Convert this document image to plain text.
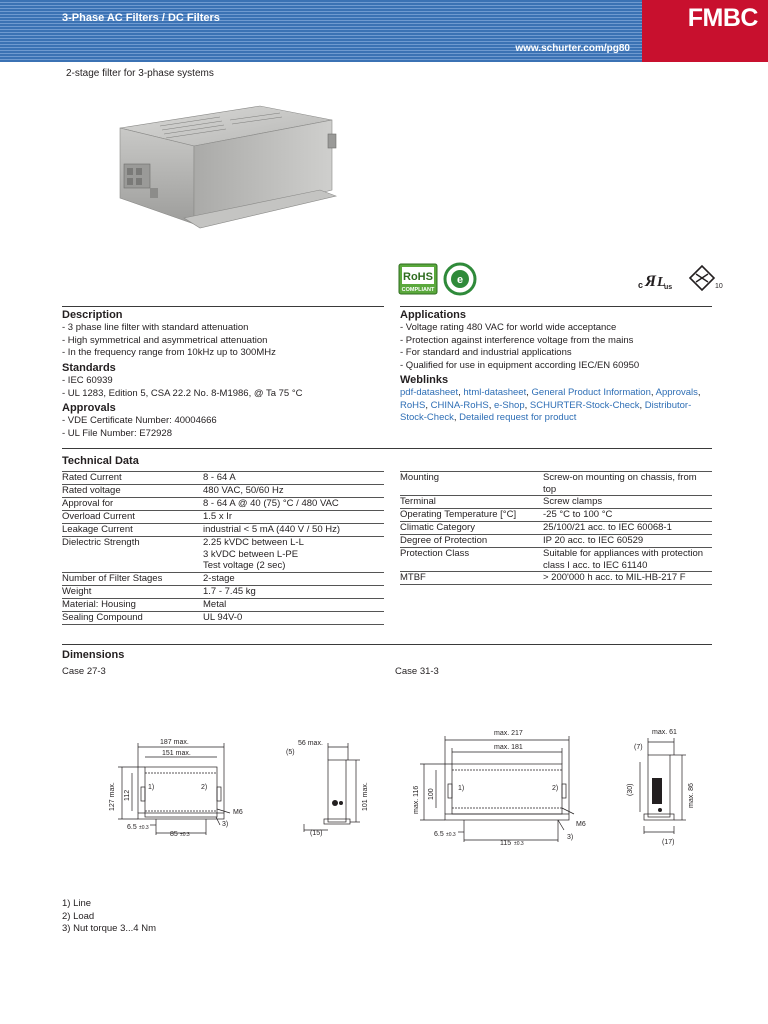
3-Phase AC Filters / DC Filters
www.schurter.com/pg80
FMBC
2-stage filter for 3-phase systems
RoHS
COMPLIANT
e	c Я L
us	10
Description
- 3 phase line filter with standard attenuation
- High symmetrical and asymmetrical attenuation
- In the frequency range from 10kHz up to 300MHz
Standards
- IEC 60939
- UL 1283, Edition 5, CSA 22.2 No. 8-M1986, @ Ta 75 °C
Approvals
- VDE Certificate Number: 40004666
- UL File Number: E72928
Applications
- Voltage rating 480 VAC for world wide acceptance
- Protection against interference voltage from the mains
- For standard and industrial applications
- Qualified for use in equipment according IEC/EN 60950
Weblinks
pdf-datasheet, html-datasheet, General Product Information, Approvals,
RoHS, CHINA-RoHS, e-Shop, SCHURTER-Stock-Check, Distributor-
Stock-Check, Detailed request for product
Technical Data
Rated Current	8 - 64 A
Rated voltage	480 VAC, 50/60 Hz
Approval for	8 - 64 A @ 40 (75) °C / 480 VAC
Overload Current	1.5 x Ir
Leakage Current	industrial < 5 mA (440 V / 50 Hz)
Dielectric Strength	2.25 kVDC between L-L
3 kVDC between L-PE
Test voltage (2 sec)
Number of Filter Stages	2-stage
Weight	1.7 - 7.45 kg
Material: Housing	Metal
Sealing Compound	UL 94V-0
Mounting	Screw-on mounting on chassis, from
top
Terminal	Screw clamps
Operating Temperature [°C]	-25 °C to 100 °C
Climatic Category	25/100/21 acc. to IEC 60068-1
Degree of Protection	IP 20 acc. to IEC 60529
Protection Class	Suitable for appliances with protection
class I acc. to IEC 61140
MTBF	> 200'000 h acc. to MIL-HB-217 F
Dimensions
Case 27-3	Case 31-3
187 max.
151 max.
127 max. 112
1)	2)
M6
3)
6.5 ±0.3
85 ±0.3
56 max.
(5)
101 max.
(15)
max. 217
max. 181
max. 116 100	1)	2)
M6
3)
6.5 ±0.3
115 ±0.3
max. 61
(7)
(30)	max. 86
(17)
1) Line
2) Load
3) Nut torque 3...4 Nm
